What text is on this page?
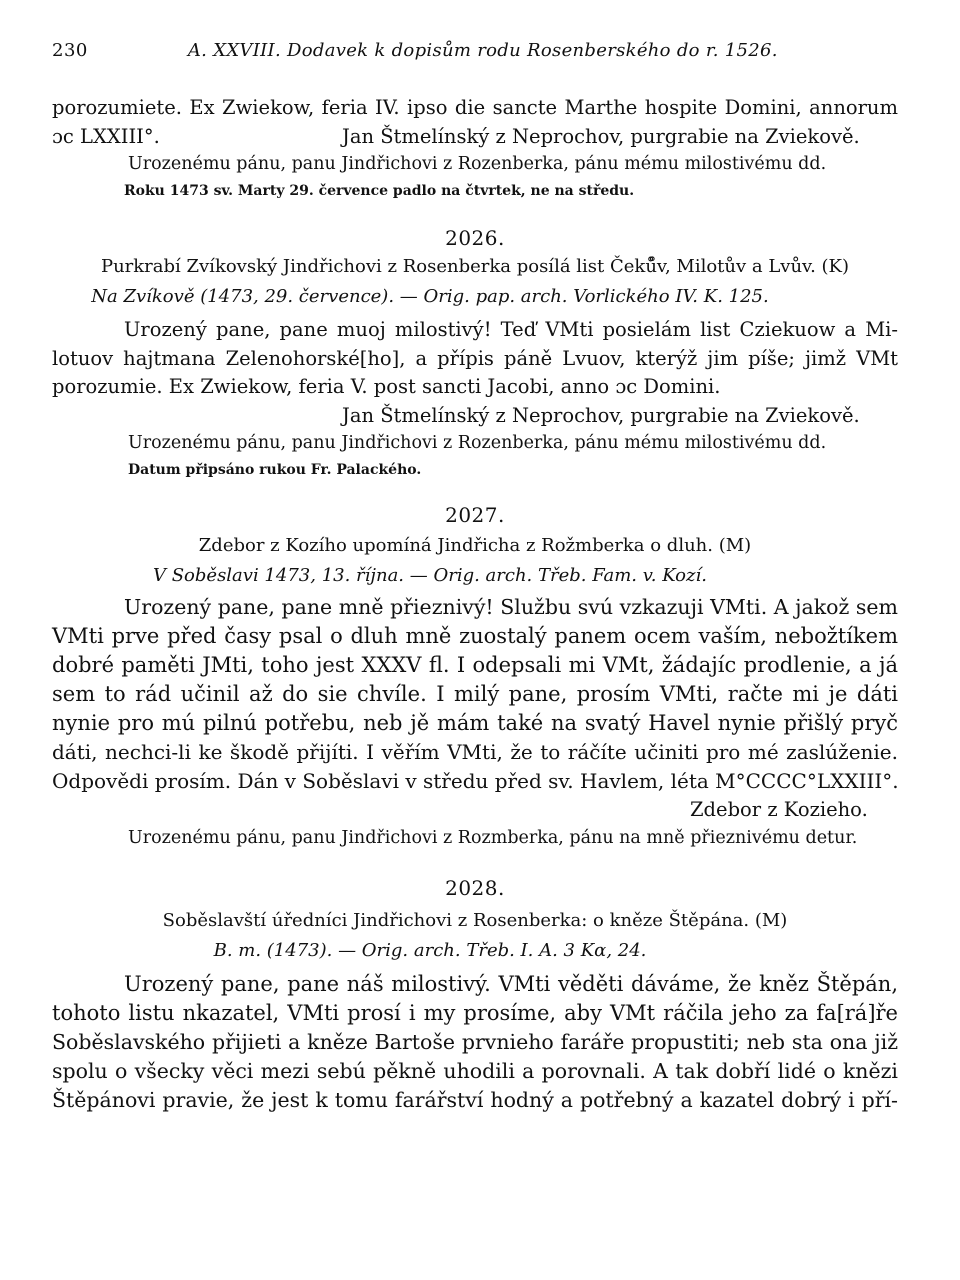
230	A. XXVIII. Dodavek k dopisům rodu Rosenberského do r. 1526.
porozumiete. Ex Zwiekow, feria IV. ipso die sancte Marthe hospite Domini, annorum
ɔc LXXIII°.	Jan Štmelínský z Neprochov, purgrabie na Zviekově.
Urozenému pánu, panu Jindřichovi z Rozenberka, pánu mému milostivému dd.
Roku 1473 sv. Marty 29. července padlo na čtvrtek, ne na středu.
2026.
Purkrabí Zvíkovský Jindřichovi z Rosenberka posílá list Čeků̊v, Milotův a Lvův. (K)
Na Zvíkově (1473, 29. července). — Orig. pap. arch. Vorlického IV. K. 125.
Urozený pane, pane muoj milostivý! Teď VMti posielám list Cziekuow a Mi-
lotuov hajtmana Zelenohorské[ho], a přípis páně Lvuov, kterýž jim píše; jimž VMt
porozumie. Ex Zwiekow, feria V. post sancti Jacobi, anno ɔc Domini.
Jan Štmelínský z Neprochov, purgrabie na Zviekově.
Urozenému pánu, panu Jindřichovi z Rozenberka, pánu mému milostivému dd.
Datum připsáno rukou Fr. Palackého.
2027.
Zdebor z Kozího upomíná Jindřicha z Rožmberka o dluh. (M)
V Soběslavi 1473, 13. října. — Orig. arch. Třeb. Fam. v. Kozí.
Urozený pane, pane mně přieznivý! Službu svú vzkazuji VMti. A jakož sem
VMti prve před časy psal o dluh mně zuostalý panem ocem vaším, nebožtíkem
dobré paměti JMti, toho jest XXXV fl. I odepsali mi VMt, žádajíc prodlenie, a já
sem to rád učinil až do sie chvíle. I milý pane, prosím VMti, račte mi je dáti
nynie pro mú pilnú potřebu, neb jě mám také na svatý Havel nynie přišlý pryč
dáti, nechci-li ke škodě přijíti. I věřím VMti, že to ráčíte učiniti pro mé zaslúženie.
Odpovědi prosím. Dán v Soběslavi v středu před sv. Havlem, léta M°CCCC°LXXIII°.
Zdebor z Kozieho.
Urozenému pánu, panu Jindřichovi z Rozmberka, pánu na mně přieznivému detur.
2028.
Soběslavští úředníci Jindřichovi z Rosenberka: o kněze Štěpána. (M)
B. m. (1473). — Orig. arch. Třeb. I. A. 3 Kα, 24.
Urozený pane, pane náš milostivý. VMti věděti dáváme, že kněz Štěpán,
tohoto listu nkazatel, VMti prosí i my prosíme, aby VMt ráčila jeho za fa[rá]ře
Soběslavského přijieti a kněze Bartoše prvnieho faráře propustiti; neb sta ona již
spolu o všecky věci mezi sebú pěkně uhodili a porovnali. A tak dobří lidé o knězi
Štěpánovi pravie, že jest k tomu farářství hodný a potřebný a kazatel dobrý i pří-
